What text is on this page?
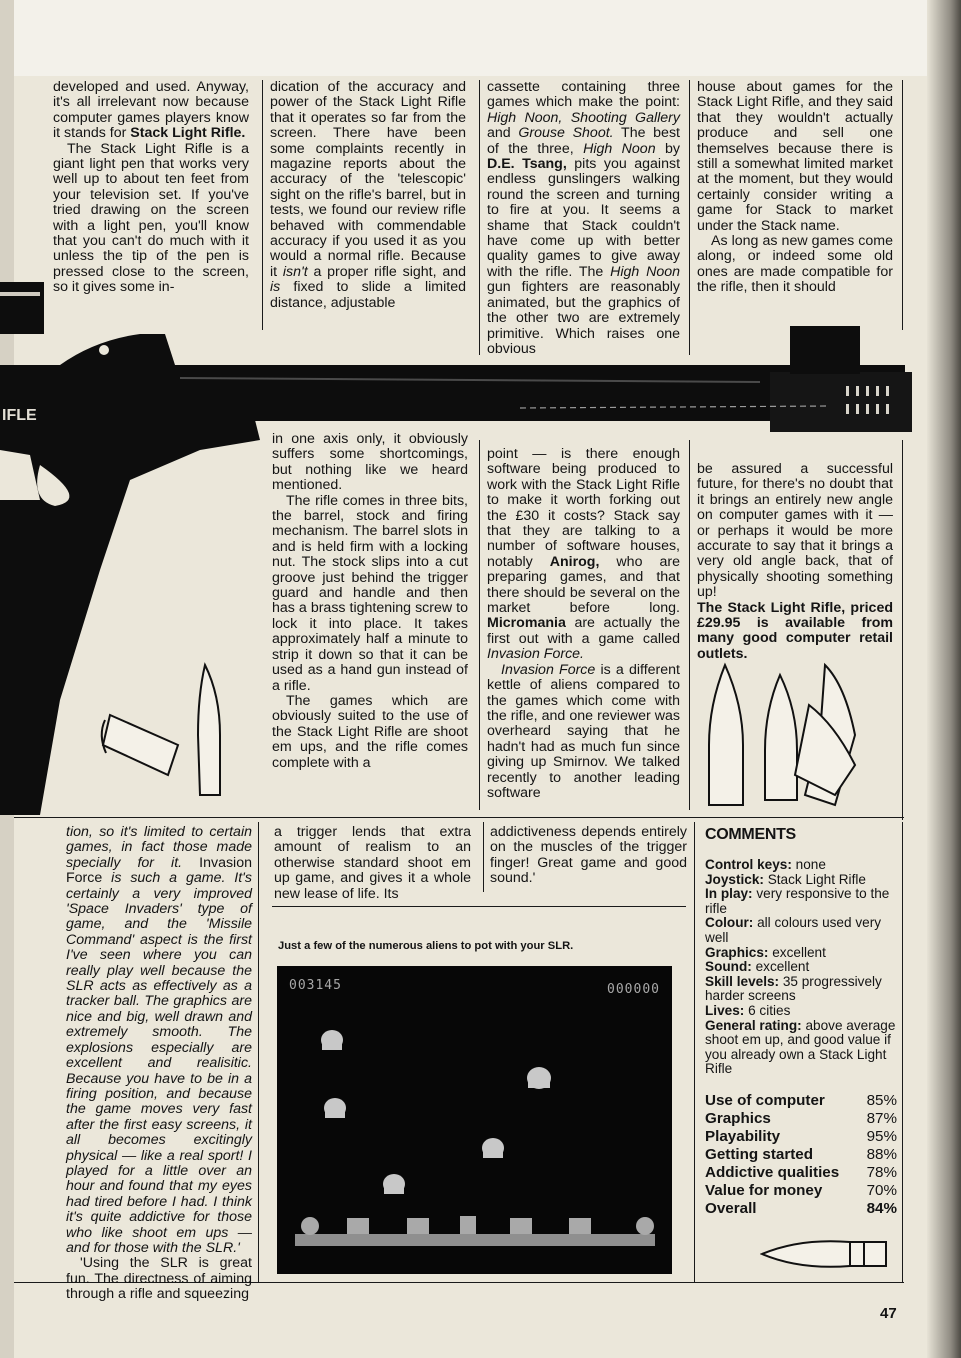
IFLE

developed and used. Anyway, it's all irrelevant now because computer games players know it stands for Stack Light Rifle.

The Stack Light Rifle is a giant light pen that works very well up to about ten feet from your television set. If you've tried drawing on the screen with a light pen, you'll know that you can't do much with it unless the tip of the pen is pressed close to the screen, so it gives some in-

dication of the accuracy and power of the Stack Light Rifle that it operates so far from the screen. There have been some complaints recently in magazine reports about the accuracy of the 'telescopic' sight on the rifle's barrel, but in tests, we found our review rifle behaved with commendable accuracy if you used it as you would a normal rifle. Because it isn't a proper rifle sight, and is fixed to slide a limited distance, adjustable

cassette containing three games which make the point: High Noon, Shooting Gallery and Grouse Shoot. The best of the three, High Noon by D.E. Tsang, pits you against endless gunslingers walking round the screen and turning to fire at you. It seems a shame that Stack couldn't have come up with better quality games to give away with the rifle. The High Noon gun fighters are reasonably animated, but the graphics of the other two are extremely primitive. Which raises one obvious

house about games for the Stack Light Rifle, and they said that they wouldn't actually produce and sell one themselves because there is still a somewhat limited market at the moment, but they would certainly consider writing a game for Stack to market under the Stack name.

As long as new games come along, or indeed some old ones are made compatible for the rifle, then it should

in one axis only, it obviously suffers some shortcomings, but nothing like we heard mentioned.

The rifle comes in three bits, the barrel, stock and firing mechanism. The barrel slots in and is held firm with a locking nut. The stock slips into a cut groove just behind the trigger guard and handle and then has a brass tightening screw to lock it into place. It takes approximately half a minute to strip it down so that it can be used as a hand gun instead of a rifle.

The games which are obviously suited to the use of the Stack Light Rifle are shoot em ups, and the rifle comes complete with a

point — is there enough software being produced to work with the Stack Light Rifle to make it worth forking out the £30 it costs? Stack say that they are talking to a number of software houses, notably Anirog, who are preparing games, and that there should be several on the market before long. Micromania are actually the first out with a game called Invasion Force.

Invasion Force is a different kettle of aliens compared to the games which come with the rifle, and one reviewer was overheard saying that he hadn't had as much fun since giving up Smirnov. We talked recently to another leading software

be assured a successful future, for there's no doubt that it brings an entirely new angle on computer games with it — or perhaps it would be more accurate to say that it brings a very old angle back, that of physically shooting something up!

The Stack Light Rifle, priced £29.95 is available from many good computer retail outlets.

tion, so it's limited to certain games, in fact those made specially for it. Invasion Force is such a game. It's certainly a very improved 'Space Invaders' type of game, and the 'Missile Command' aspect is the first I've seen where you can really play well because the SLR acts as effectively as a tracker ball. The graphics are nice and big, well drawn and extremely smooth. The explosions especially are excellent and realisitic. Because you have to be in a firing position, and because the game moves very fast after the first easy screens, it all becomes excitingly physical — like a real sport! I played for a little over an hour and found that my eyes had tired before I had. I think it's quite addictive for those who like shoot em ups — and for those with the SLR.'

'Using the SLR is great fun. The directness of aiming through a rifle and squeezing

a trigger lends that extra amount of realism to an otherwise standard shoot em up game, and gives it a whole new lease of life. Its

addictiveness depends entirely on the muscles of the trigger finger! Great game and good sound.'

Just a few of the numerous aliens to pot with your SLR.
003145	000000
COMMENTS

Control keys: none

Joystick: Stack Light Rifle

In play: very responsive to the rifle

Colour: all colours used very well

Graphics: excellent

Sound: excellent

Skill levels: 35 progressively harder screens

Lives: 6 cities

General rating: above average shoot em up, and good value if you already own a Stack Light Rifle

Use of computer	85%
Graphics	87%
Playability	95%
Getting started	88%
Addictive qualities 78%
Value for money	70%
Overall	84%
47
